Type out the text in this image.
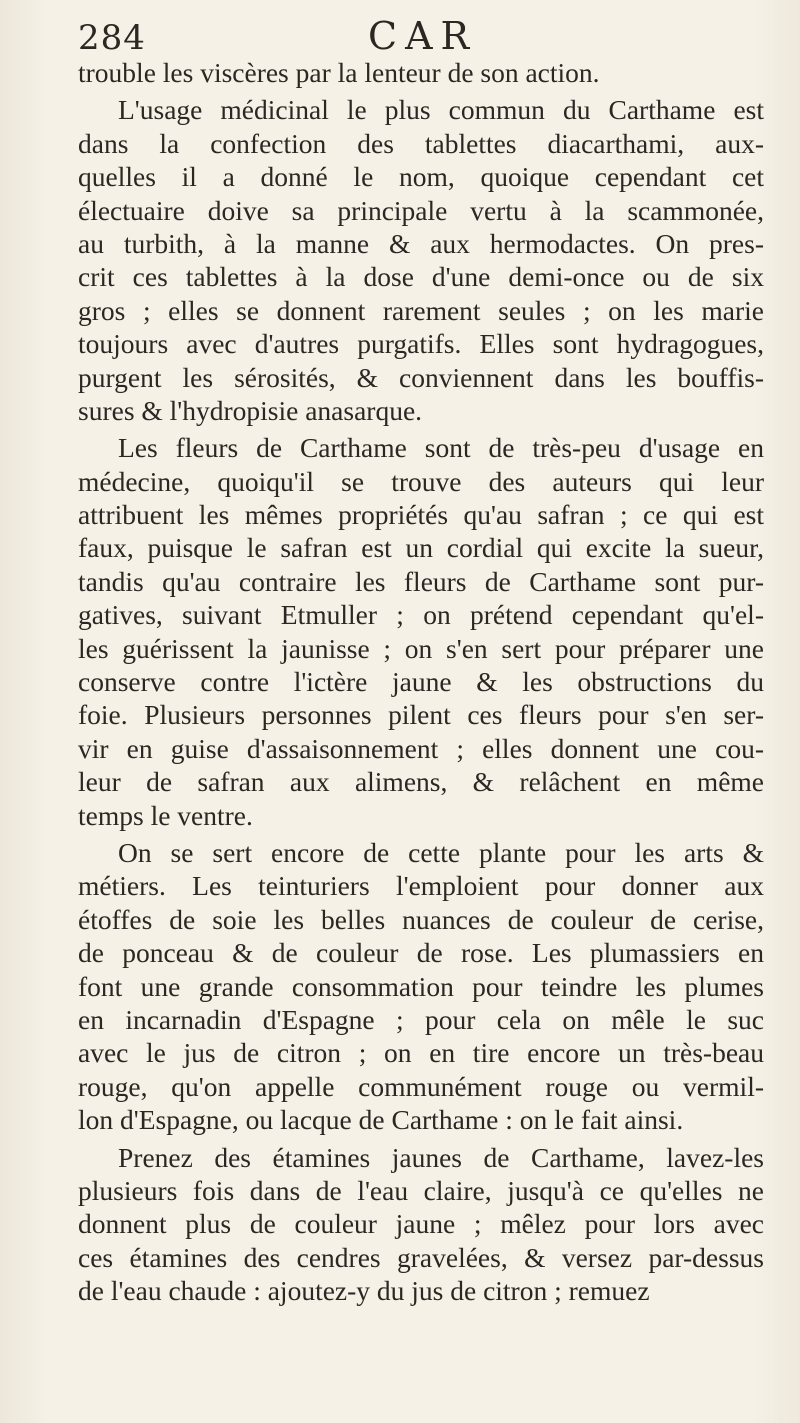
284	CAR
trouble les viscères par la lenteur de son action.
L'usage médicinal le plus commun du Carthame est
dans la confection des tablettes diacarthami, aux-
quelles il a donné le nom, quoique cependant cet
électuaire doive sa principale vertu à la scammonée,
au turbith, à la manne & aux hermodactes. On pres-
crit ces tablettes à la dose d'une demi-once ou de six
gros ; elles se donnent rarement seules ; on les marie
toujours avec d'autres purgatifs. Elles sont hydragogues,
purgent les sérosités, & conviennent dans les bouffis-
sures & l'hydropisie anasarque.
Les fleurs de Carthame sont de très-peu d'usage en
médecine, quoiqu'il se trouve des auteurs qui leur
attribuent les mêmes propriétés qu'au safran ; ce qui est
faux, puisque le safran est un cordial qui excite la sueur,
tandis qu'au contraire les fleurs de Carthame sont pur-
gatives, suivant Etmuller ; on prétend cependant qu'el-
les guérissent la jaunisse ; on s'en sert pour préparer une
conserve contre l'ictère jaune & les obstructions du
foie. Plusieurs personnes pilent ces fleurs pour s'en ser-
vir en guise d'assaisonnement ; elles donnent une cou-
leur de safran aux alimens, & relâchent en même
temps le ventre.
On se sert encore de cette plante pour les arts &
métiers. Les teinturiers l'emploient pour donner aux
étoffes de soie les belles nuances de couleur de cerise,
de ponceau & de couleur de rose. Les plumassiers en
font une grande consommation pour teindre les plumes
en incarnadin d'Espagne ; pour cela on mêle le suc
avec le jus de citron ; on en tire encore un très-beau
rouge, qu'on appelle communément rouge ou vermil-
lon d'Espagne, ou lacque de Carthame : on le fait ainsi.
Prenez des étamines jaunes de Carthame, lavez-les
plusieurs fois dans de l'eau claire, jusqu'à ce qu'elles ne
donnent plus de couleur jaune ; mêlez pour lors avec
ces étamines des cendres gravelées, & versez par-dessus
de l'eau chaude : ajoutez-y du jus de citron ; remuez
